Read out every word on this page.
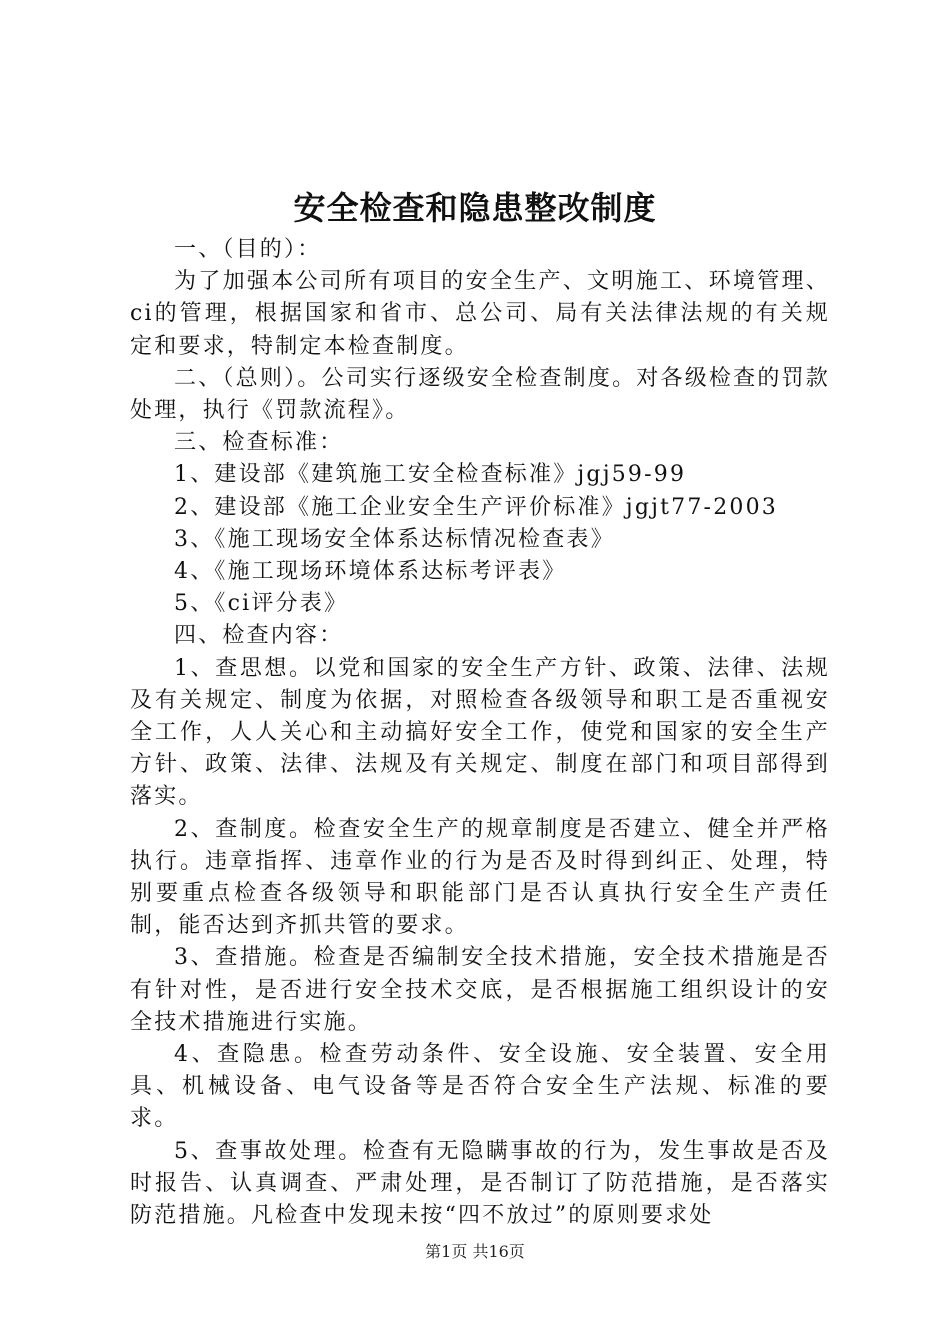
安全检查和隐患整改制度

一、（目的）：

为了加强本公司所有项目的安全生产、文明施工、环境管理、ci的管理，根据国家和省市、总公司、局有关法律法规的有关规定和要求，特制定本检查制度。

二、（总则）。公司实行逐级安全检查制度。对各级检查的罚款处理，执行《罚款流程》。

三、检查标准：

1、建设部《建筑施工安全检查标准》jgj59-99

2、建设部《施工企业安全生产评价标准》jgjt77-2003

3、《施工现场安全体系达标情况检查表》

4、《施工现场环境体系达标考评表》

5、《ci评分表》

四、检查内容：

1、查思想。以党和国家的安全生产方针、政策、法律、法规及有关规定、制度为依据，对照检查各级领导和职工是否重视安全工作，人人关心和主动搞好安全工作，使党和国家的安全生产方针、政策、法律、法规及有关规定、制度在部门和项目部得到落实。

2、查制度。检查安全生产的规章制度是否建立、健全并严格执行。违章指挥、违章作业的行为是否及时得到纠正、处理，特别要重点检查各级领导和职能部门是否认真执行安全生产责任制，能否达到齐抓共管的要求。

3、查措施。检查是否编制安全技术措施，安全技术措施是否有针对性，是否进行安全技术交底，是否根据施工组织设计的安全技术措施进行实施。

4、查隐患。检查劳动条件、安全设施、安全装置、安全用具、机械设备、电气设备等是否符合安全生产法规、标准的要求。

5、查事故处理。检查有无隐瞒事故的行为，发生事故是否及时报告、认真调查、严肃处理，是否制订了防范措施，是否落实防范措施。凡检查中发现未按“四不放过”的原则要求处

第1页 共16页
